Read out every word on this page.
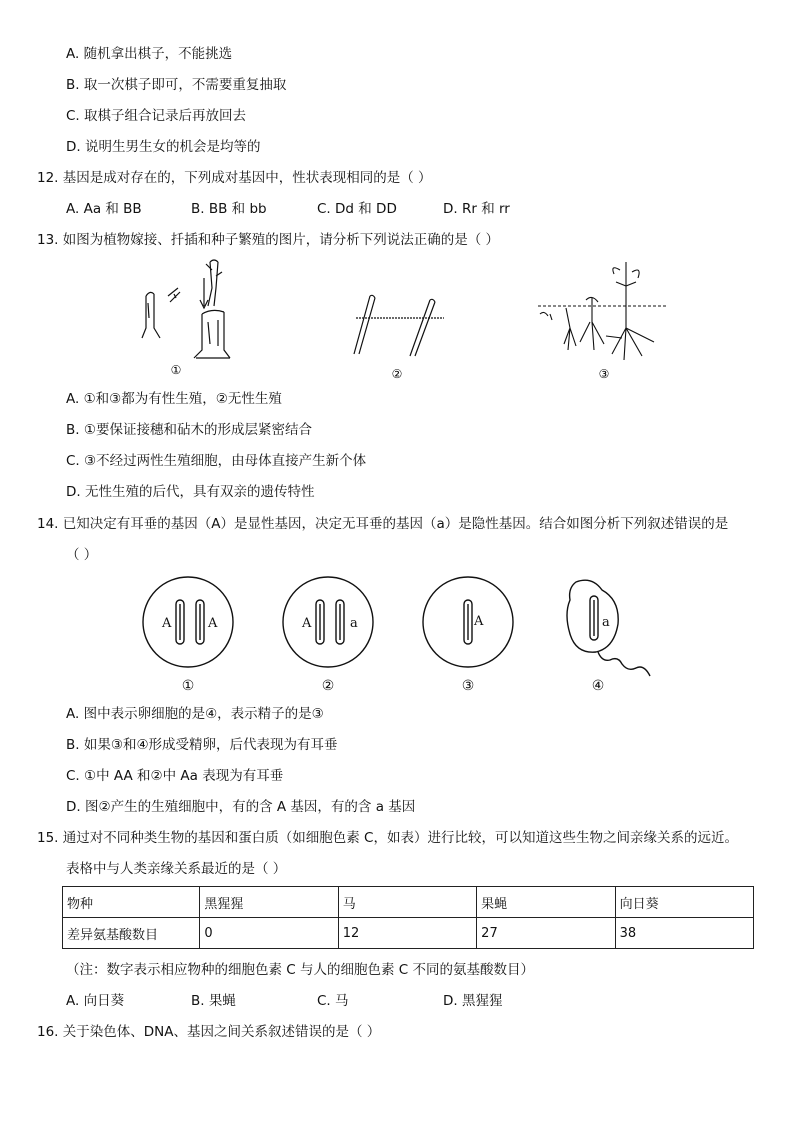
A. 随机拿出棋子，不能挑选
B. 取一次棋子即可，不需要重复抽取
C. 取棋子组合记录后再放回去
D. 说明生男生女的机会是均等的
12. 基因是成对存在的，下列成对基因中，性状表现相同的是（ ）
A. Aa 和 BB	B. BB 和 bb	C. Dd 和 DD	D. Rr 和 rr
13. 如图为植物嫁接、扦插和种子繁殖的图片，请分析下列说法正确的是（ ）
①	②	③
A. ①和③都为有性生殖，②无性生殖
B. ①要保证接穗和砧木的形成层紧密结合
C. ③不经过两性生殖细胞，由母体直接产生新个体
D. 无性生殖的后代，具有双亲的遗传特性
14. 已知决定有耳垂的基因（A）是显性基因，决定无耳垂的基因（a）是隐性基因。结合如图分析下列叙述错误的是
（ ）
A	A	A	a	A	a
①	②	③	④
A. 图中表示卵细胞的是④，表示精子的是③
B. 如果③和④形成受精卵，后代表现为有耳垂
C. ①中 AA 和②中 Aa 表现为有耳垂
D. 图②产生的生殖细胞中，有的含 A 基因，有的含 a 基因
15. 通过对不同种类生物的基因和蛋白质（如细胞色素 C，如表）进行比较，可以知道这些生物之间亲缘关系的远近。
表格中与人类亲缘关系最近的是（ ）
物种	黑猩猩	马	果蝇	向日葵
差异氨基酸数目	0	12	27	38
（注：数字表示相应物种的细胞色素 C 与人的细胞色素 C 不同的氨基酸数目）
A. 向日葵	B. 果蝇	C. 马	D. 黑猩猩
16. 关于染色体、DNA、基因之间关系叙述错误的是（ ）
